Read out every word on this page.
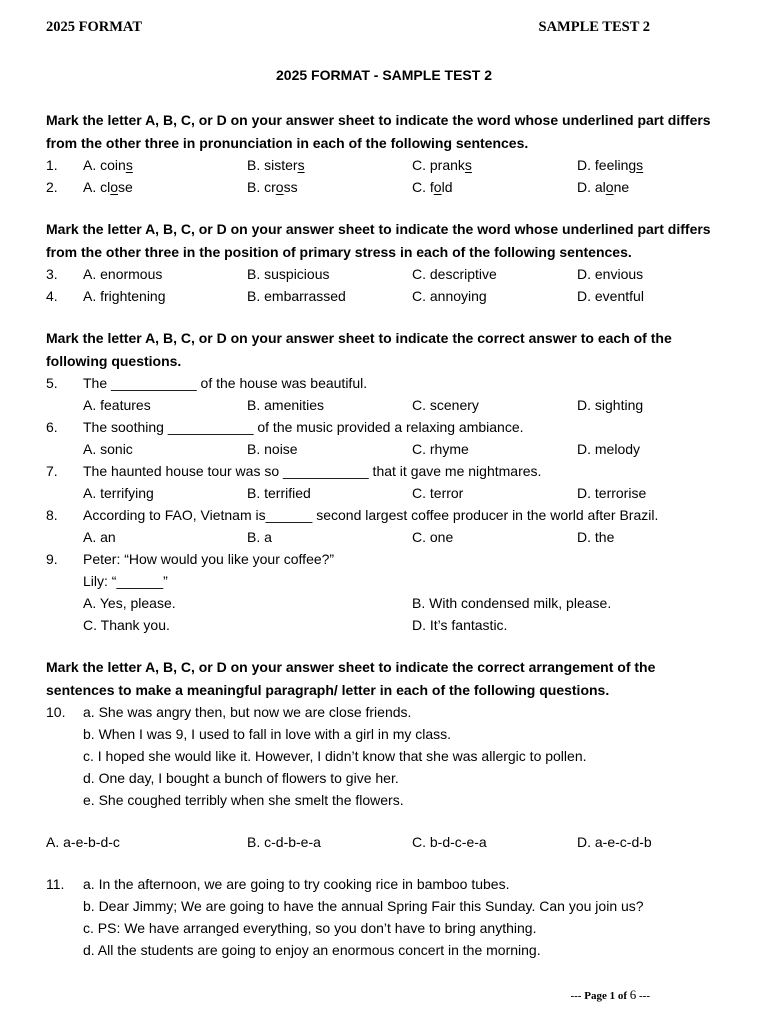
2025 FORMAT	SAMPLE TEST 2
2025 FORMAT - SAMPLE TEST 2
Mark the letter A, B, C, or D on your answer sheet to indicate the word whose underlined part differs from the other three in pronunciation in each of the following sentences.
1.	A. coins	B. sisters	C. pranks	D. feelings
2.	A. close	B. cross	C. fold	D. alone
Mark the letter A, B, C, or D on your answer sheet to indicate the word whose underlined part differs from the other three in the position of primary stress in each of the following sentences.
3.	A. enormous	B. suspicious	C. descriptive	D. envious
4.	A. frightening	B. embarrassed	C. annoying	D. eventful
Mark the letter A, B, C, or D on your answer sheet to indicate the correct answer to each of the following questions.
5.	The ___________ of the house was beautiful.
A. features	B. amenities	C. scenery	D. sighting
6.	The soothing ___________ of the music provided a relaxing ambiance.
A. sonic	B. noise	C. rhyme	D. melody
7.	The haunted house tour was so ___________ that it gave me nightmares.
A. terrifying	B. terrified	C. terror	D. terrorise
8.	According to FAO, Vietnam is______ second largest coffee producer in the world after Brazil.
A. an	B. a	C. one	D. the
9.	Peter: “How would you like your coffee?”
Lily: “______”
A. Yes, please.	B. With condensed milk, please.
C. Thank you.	D. It’s fantastic.
Mark the letter A, B, C, or D on your answer sheet to indicate the correct arrangement of the sentences to make a meaningful paragraph/ letter in each of the following questions.
10.	a. She was angry then, but now we are close friends.
b. When I was 9, I used to fall in love with a girl in my class.
c. I hoped she would like it. However, I didn’t know that she was allergic to pollen.
d. One day, I bought a bunch of flowers to give her.
e. She coughed terribly when she smelt the flowers.
A. a-e-b-d-c	B. c-d-b-e-a	C. b-d-c-e-a	D. a-e-c-d-b
11.	a. In the afternoon, we are going to try cooking rice in bamboo tubes.
b. Dear Jimmy; We are going to have the annual Spring Fair this Sunday. Can you join us?
c. PS: We have arranged everything, so you don’t have to bring anything.
d. All the students are going to enjoy an enormous concert in the morning.
--- Page 1 of 6 ---
